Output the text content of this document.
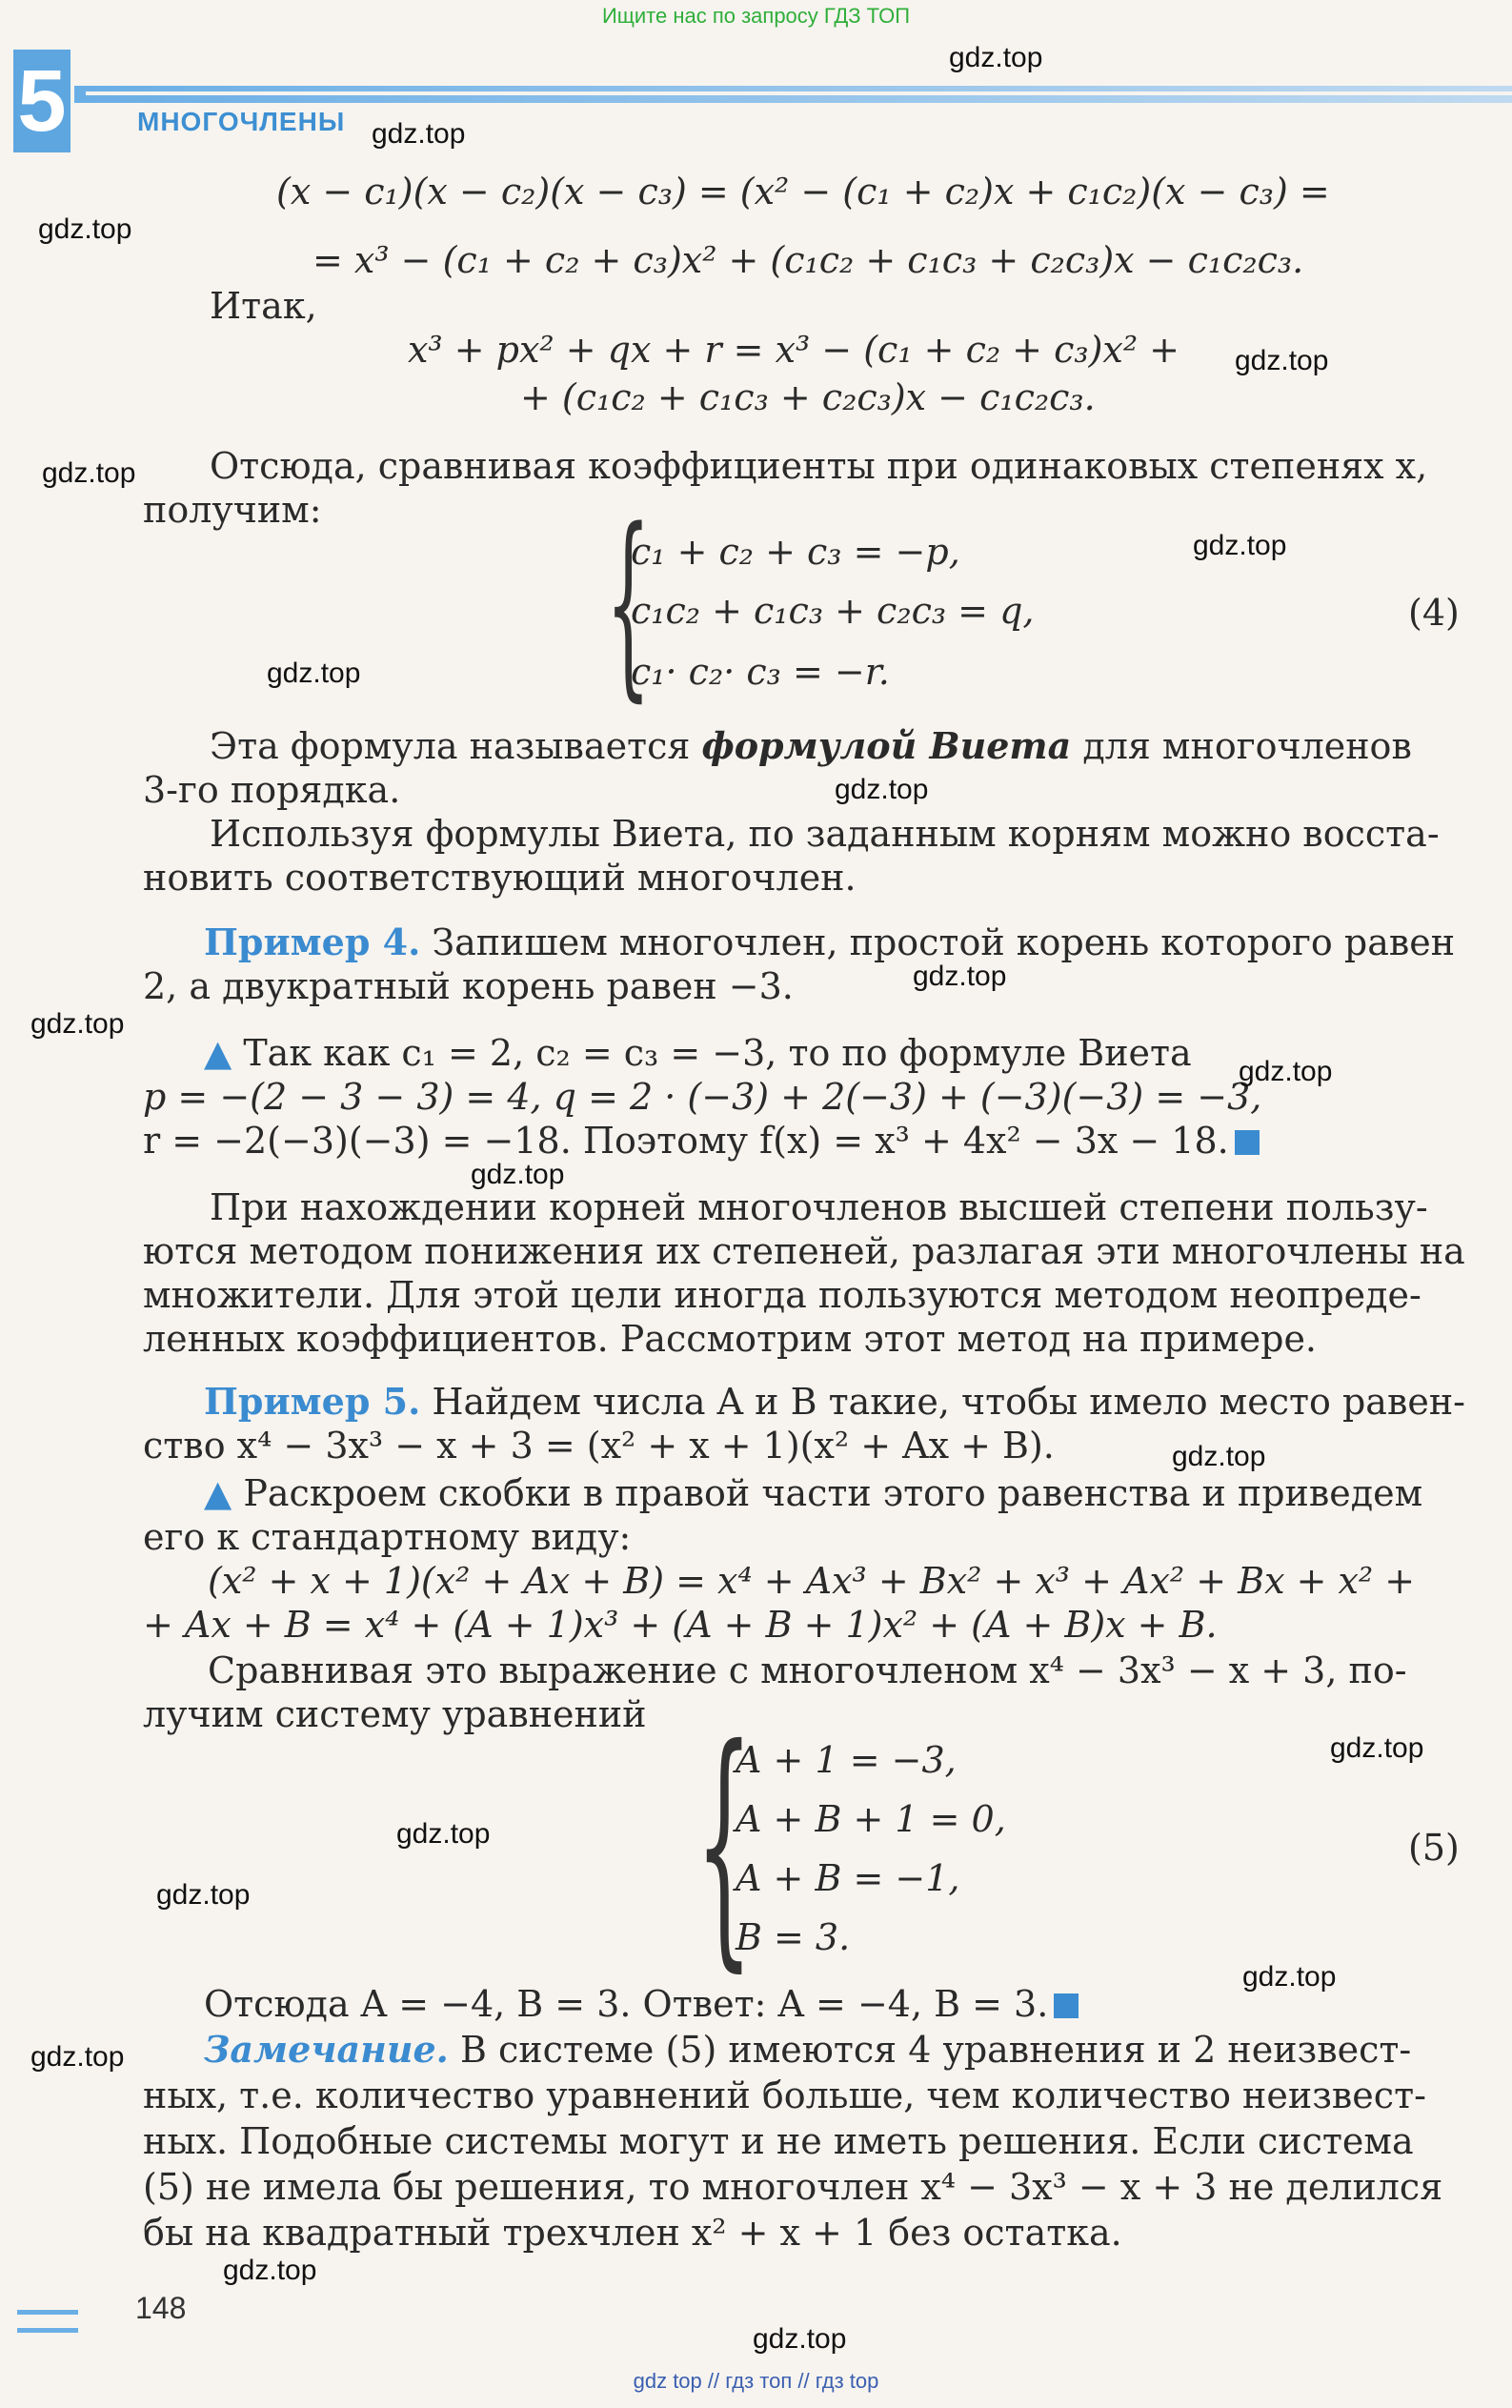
Ищите нас по запросу ГДЗ ТОП
5	МНОГОЧЛЕНЫ
(x − c₁)(x − c₂)(x − c₃) = (x² − (c₁ + c₂)x + c₁c₂)(x − c₃) =
= x³ − (c₁ + c₂ + c₃)x² + (c₁c₂ + c₁c₃ + c₂c₃)x − c₁c₂c₃.
Итак,
x³ + px² + qx + r = x³ − (c₁ + c₂ + c₃)x² +
+ (c₁c₂ + c₁c₃ + c₂c₃)x − c₁c₂c₃.
Отсюда, сравнивая коэффициенты при одинаковых степенях x,
получим: {
c₁ + c₂ + c₃ = −p,
c₁c₂ + c₁c₃ + c₂c₃ = q,
c₁· c₂· c₃ = −r.
(4)
Эта формула называется формулой Виета для многочленов
3-го порядка.
Используя формулы Виета, по заданным корням можно восста-
новить соответствующий многочлен.
Пример 4. Запишем многочлен, простой корень которого равен
2, а двукратный корень равен −3.
▲ Так как c₁ = 2, c₂ = c₃ = −3, то по формуле Виета
p = −(2 − 3 − 3) = 4, q = 2 · (−3) + 2(−3) + (−3)(−3) = −3,
r = −2(−3)(−3) = −18. Поэтому f(x) = x³ + 4x² − 3x − 18.
При нахождении корней многочленов высшей степени пользу-
ются методом понижения их степеней, разлагая эти многочлены на
множители. Для этой цели иногда пользуются методом неопреде-
ленных коэффициентов. Рассмотрим этот метод на примере.
Пример 5. Найдем числа A и B такие, чтобы имело место равен-
ство x⁴ − 3x³ − x + 3 = (x² + x + 1)(x² + Ax + B).
▲ Раскроем скобки в правой части этого равенства и приведем
его к стандартному виду:
(x² + x + 1)(x² + Ax + B) = x⁴ + Ax³ + Bx² + x³ + Ax² + Bx + x² +
+ Ax + B = x⁴ + (A + 1)x³ + (A + B + 1)x² + (A + B)x + B.
Сравнивая это выражение с многочленом x⁴ − 3x³ − x + 3, по-
лучим систему уравнений {
A + 1 = −3,
A + B + 1 = 0,
A + B = −1,
B = 3.
(5)
Отсюда A = −4, B = 3. Ответ: A = −4, B = 3.
Замечание. В системе (5) имеются 4 уравнения и 2 неизвест-
ных, т.е. количество уравнений больше, чем количество неизвест-
ных. Подобные системы могут и не иметь решения. Если система
(5) не имела бы решения, то многочлен x⁴ − 3x³ − x + 3 не делился
бы на квадратный трехчлен x² + x + 1 без остатка.
gdz.top
gdz.top
gdz.top
gdz.top
gdz.top
gdz.top
gdz.top
gdz.top
gdz.top
gdz.top
gdz.top
gdz.top
gdz.top
gdz.top
gdz.top
gdz.top
gdz.top
gdz.top
gdz.top
gdz.top
148
gdz top // гдз топ // гдз top
